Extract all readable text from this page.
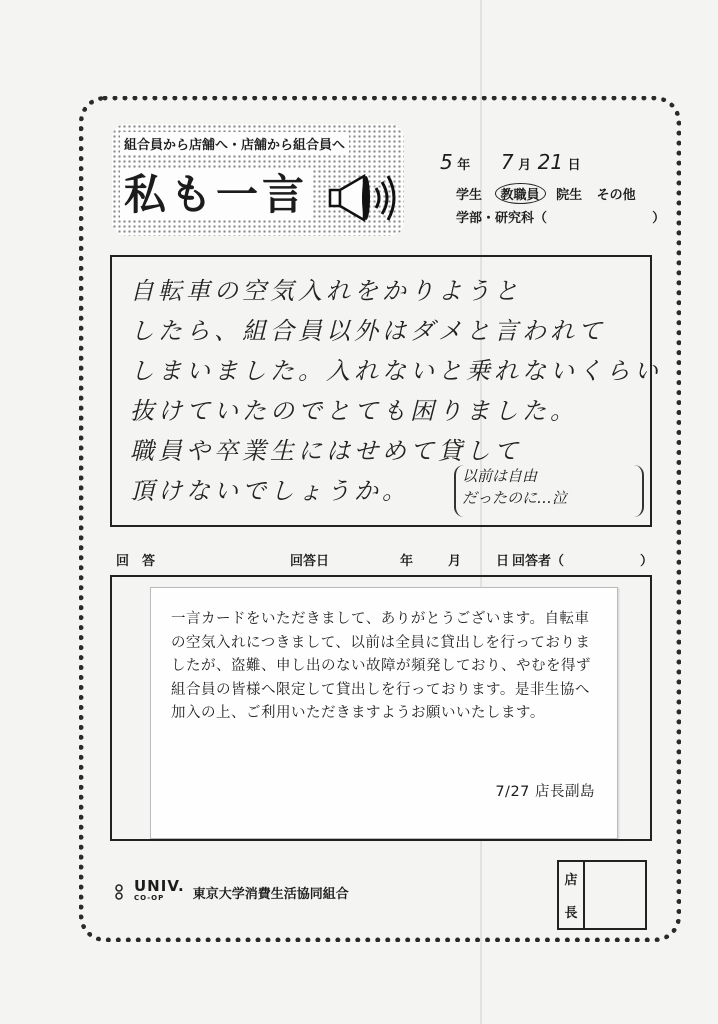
組合員から店舗へ・店舗から組合員へ
私も一言
5 年 7 月 21 日
学生 教職員 院生 その他
学部・研究科（	）
自転車の空気入れをかりようと
したら、組合員以外はダメと言われて
しまいました。入れないと乗れないくらい
抜けていたのでとても困りました。
職員や卒業生にはせめて貸して
頂けないでしょうか。
以前は自由
だったのに…泣
回　答	回答日	年	月	日 回答者（	）
一言カードをいただきまして、ありがとうございます。自転車の空気入れにつきまして、以前は全員に貸出しを行っておりましたが、盗難、申し出のない故障が頻発しており、やむを得ず組合員の皆様へ限定して貸出しを行っております。是非生協へ加入の上、ご利用いただきますようお願いいたします。
7/27 店長副島
UNIV.
CO-OP	東京大学消費生活協同組合
店
長
